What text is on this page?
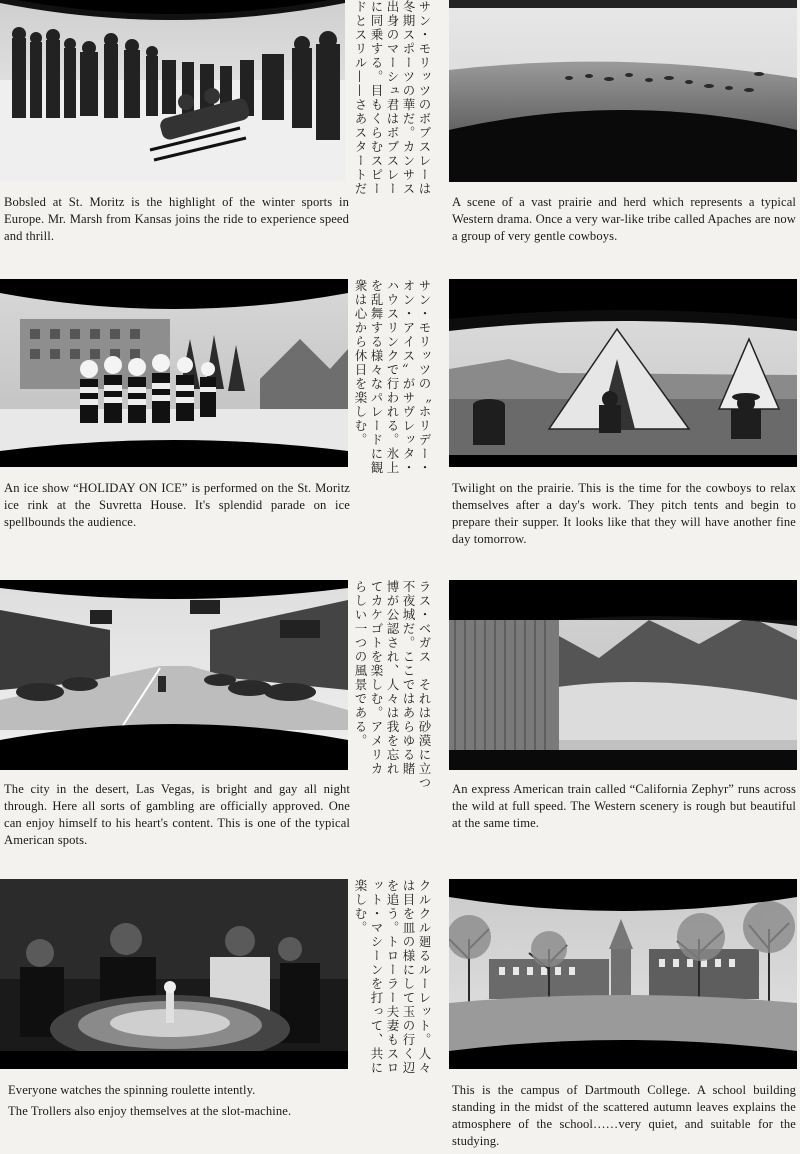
サン・モリッツのボブスレーは
冬期スポーツの華だ。カンサス
出身のマーシュ君はボブスレー
に同乗する。目もくらむスピー
ドとスリル——さあスタートだ

Bobsled at St. Moritz is the highlight of the winter sports in Europe. Mr. Marsh from Kansas joins the ride to experience speed and thrill.

A scene of a vast prairie and herd which represents a typical Western drama. Once a very war-like tribe called Apaches are now a group of very gentle cowboys.

サン・モリッツの〝ホリデー・
オン・アイス〟がサヴレッタ・
ハウスリンクで行われる。氷上
を乱舞する様々なパレードに観
衆は心から休日を楽しむ。

An ice show “HOLIDAY ON ICE” is performed on the St. Moritz ice rink at the Suvretta House. It's splendid parade on ice spellbounds the audience.

Twilight on the prairie. This is the time for the cowboys to relax themselves after a day's work. They pitch tents and begin to prepare their supper. It looks like that they will have another fine day tomorrow.

ラス・ベガス　それは砂漠に立つ
不夜城だ。ここではあらゆる賭
博が公認され、人々は我を忘れ
てカケゴトを楽しむ。アメリカ
らしい一つの風景である。

The city in the desert, Las Vegas, is bright and gay all night through. Here all sorts of gambling are officially approved. One can enjoy himself to his heart's content. This is one of the typical American spots.

An express American train called “California Zephyr” runs across the wild at full speed. The Western scenery is rough but beautiful at the same time.

クルクル廻るルーレット。人々
は目を皿の様にして玉の行く辺
を追う。トローラー夫妻もスロ
ット・マシーンを打って、共に
楽しむ。

Everyone watches the spinning roulette intently.

The Trollers also enjoy themselves at the slot-machine.

This is the campus of Dartmouth College. A school building standing in the midst of the scattered autumn leaves explains the atmosphere of the school……very quiet, and suitable for the studying.
